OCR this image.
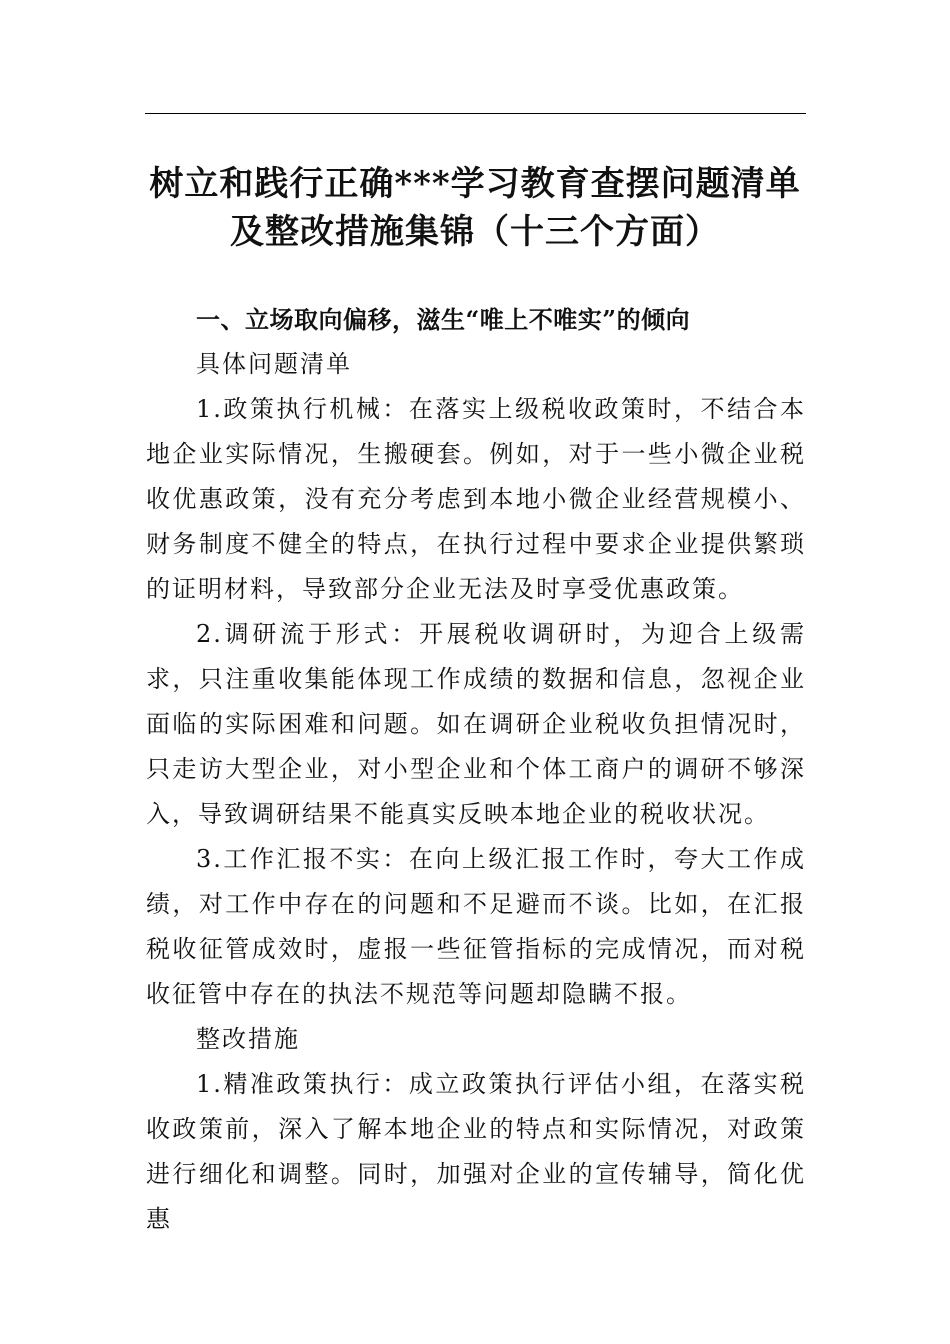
树立和践行正确***学习教育查摆问题清单
及整改措施集锦（十三个方面）

一、立场取向偏移，滋生“唯上不唯实”的倾向

具体问题清单

1.政策执行机械：在落实上级税收政策时，不结合本地企业实际情况，生搬硬套。例如，对于一些小微企业税收优惠政策，没有充分考虑到本地小微企业经营规模小、财务制度不健全的特点，在执行过程中要求企业提供繁琐的证明材料，导致部分企业无法及时享受优惠政策。

2.调研流于形式：开展税收调研时，为迎合上级需求，只注重收集能体现工作成绩的数据和信息，忽视企业面临的实际困难和问题。如在调研企业税收负担情况时，只走访大型企业，对小型企业和个体工商户的调研不够深入，导致调研结果不能真实反映本地企业的税收状况。

3.工作汇报不实：在向上级汇报工作时，夸大工作成绩，对工作中存在的问题和不足避而不谈。比如，在汇报税收征管成效时，虚报一些征管指标的完成情况，而对税收征管中存在的执法不规范等问题却隐瞒不报。

整改措施

1.精准政策执行：成立政策执行评估小组，在落实税收政策前，深入了解本地企业的特点和实际情况，对政策进行细化和调整。同时，加强对企业的宣传辅导，简化优惠
